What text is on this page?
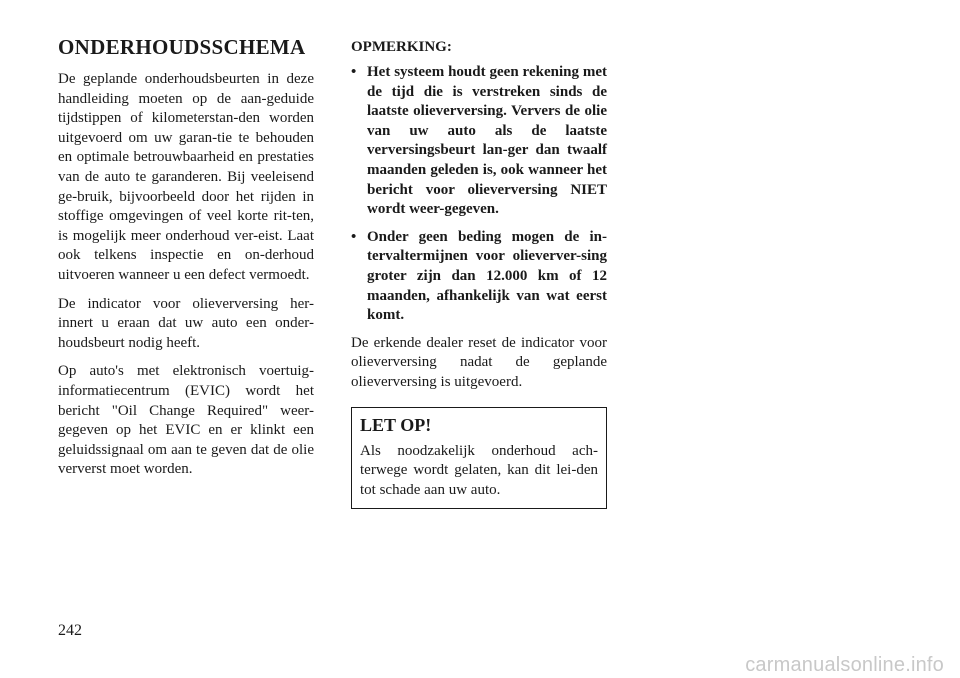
ONDERHOUDSSCHEMA

De geplande onderhoudsbeurten in deze handleiding moeten op de aan-geduide tijdstippen of kilometerstan-den worden uitgevoerd om uw garan-tie te behouden en optimale betrouwbaarheid en prestaties van de auto te garanderen. Bij veeleisend ge-bruik, bijvoorbeeld door het rijden in stoffige omgevingen of veel korte rit-ten, is mogelijk meer onderhoud ver-eist. Laat ook telkens inspectie en on-derhoud uitvoeren wanneer u een defect vermoedt.

De indicator voor olieverversing her-innert u eraan dat uw auto een onder-houdsbeurt nodig heeft.

Op auto's met elektronisch voertuig-informatiecentrum (EVIC) wordt het bericht "Oil Change Required" weer-gegeven op het EVIC en er klinkt een geluidssignaal om aan te geven dat de olie ververst moet worden.

OPMERKING:
• Het systeem houdt geen rekening met de tijd die is verstreken sinds de laatste olieverversing. Ververs de olie van uw auto als de laatste verversingsbeurt lan-ger dan twaalf maanden geleden is, ook wanneer het bericht voor olieverversing NIET wordt weer-gegeven.
• Onder geen beding mogen de in-tervaltermijnen voor olieverver-sing groter zijn dan 12.000 km of 12 maanden, afhankelijk van wat eerst komt.

De erkende dealer reset de indicator voor olieverversing nadat de geplande olieverversing is uitgevoerd.

LET OP!

Als noodzakelijk onderhoud ach-terwege wordt gelaten, kan dit lei-den tot schade aan uw auto.

242
carmanualsonline.info
